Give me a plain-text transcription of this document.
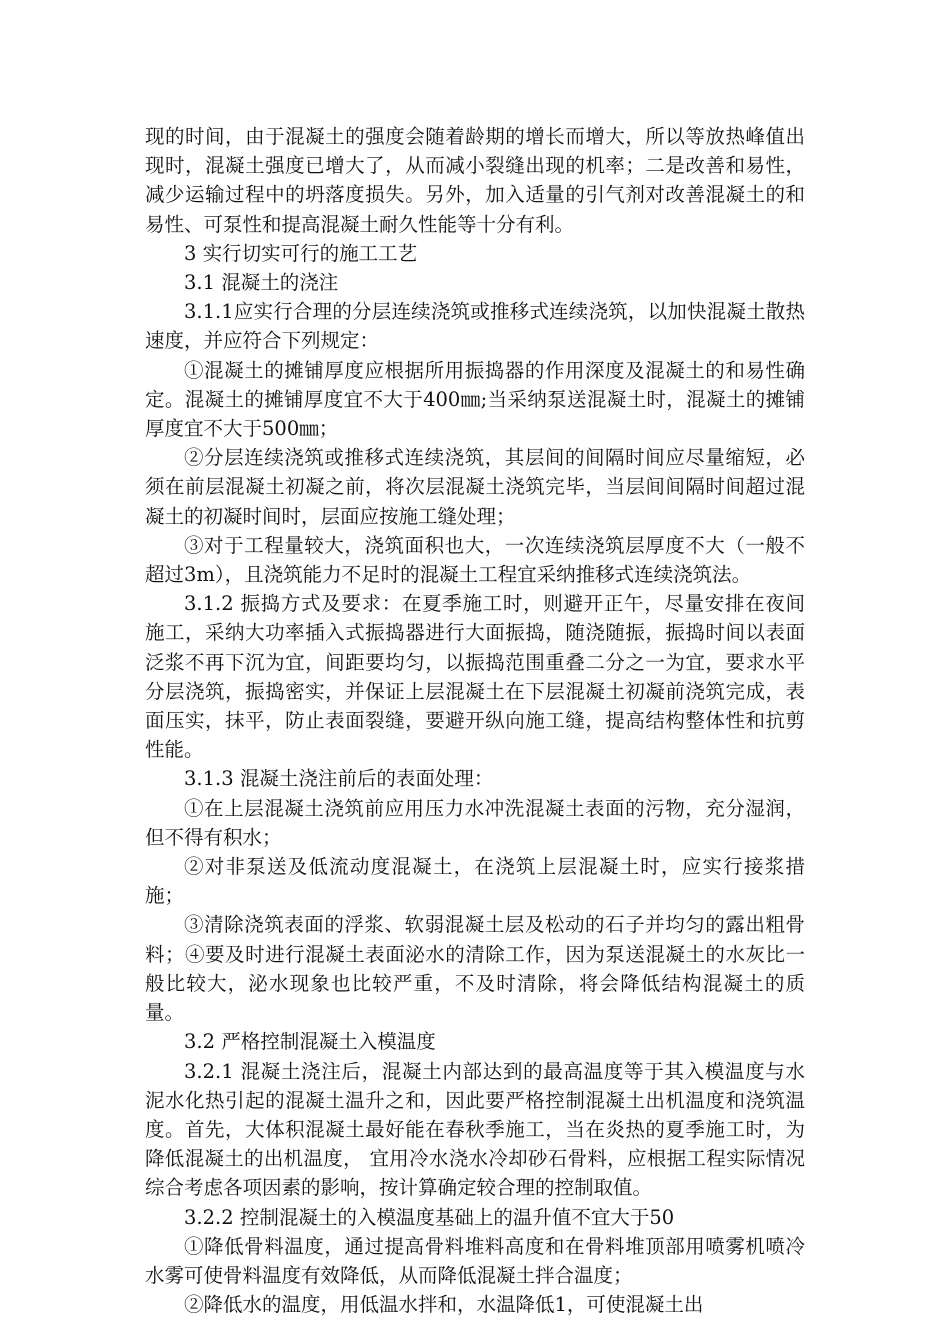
现的时间，由于混凝土的强度会随着龄期的增长而增大，所以等放热峰值出现时，混凝土强度已增大了，从而减小裂缝出现的机率；二是改善和易性，减少运输过程中的坍落度损失。另外，加入适量的引气剂对改善混凝土的和易性、可泵性和提高混凝土耐久性能等十分有利。

3 实行切实可行的施工工艺

3.1 混凝土的浇注

3.1.1应实行合理的分层连续浇筑或推移式连续浇筑，以加快混凝土散热速度，并应符合下列规定：

①混凝土的摊铺厚度应根据所用振捣器的作用深度及混凝土的和易性确定。混凝土的摊铺厚度宜不大于400㎜;当采纳泵送混凝土时，混凝土的摊铺厚度宜不大于500㎜；

②分层连续浇筑或推移式连续浇筑，其层间的间隔时间应尽量缩短，必须在前层混凝土初凝之前，将次层混凝土浇筑完毕，当层间间隔时间超过混凝土的初凝时间时，层面应按施工缝处理；

③对于工程量较大，浇筑面积也大，一次连续浇筑层厚度不大（一般不超过3m），且浇筑能力不足时的混凝土工程宜采纳推移式连续浇筑法。

3.1.2 振捣方式及要求：在夏季施工时，则避开正午，尽量安排在夜间施工，采纳大功率插入式振捣器进行大面振捣，随浇随振，振捣时间以表面泛浆不再下沉为宜，间距要均匀，以振捣范围重叠二分之一为宜，要求水平分层浇筑，振捣密实，并保证上层混凝土在下层混凝土初凝前浇筑完成，表面压实，抹平，防止表面裂缝，要避开纵向施工缝，提高结构整体性和抗剪性能。

3.1.3 混凝土浇注前后的表面处理：

①在上层混凝土浇筑前应用压力水冲洗混凝土表面的污物，充分湿润，但不得有积水；

②对非泵送及低流动度混凝土，在浇筑上层混凝土时，应实行接浆措施；

③清除浇筑表面的浮浆、软弱混凝土层及松动的石子并均匀的露出粗骨料；④要及时进行混凝土表面泌水的清除工作，因为泵送混凝土的水灰比一般比较大，泌水现象也比较严重，不及时清除，将会降低结构混凝土的质量。

3.2 严格控制混凝土入模温度

3.2.1 混凝土浇注后，混凝土内部达到的最高温度等于其入模温度与水泥水化热引起的混凝土温升之和，因此要严格控制混凝土出机温度和浇筑温度。首先，大体积混凝土最好能在春秋季施工，当在炎热的夏季施工时，为降低混凝土的出机温度， 宜用冷水浇水冷却砂石骨料，应根据工程实际情况综合考虑各项因素的影响，按计算确定较合理的控制取值。

3.2.2 控制混凝土的入模温度基础上的温升值不宜大于50

①降低骨料温度，通过提高骨料堆料高度和在骨料堆顶部用喷雾机喷冷水雾可使骨料温度有效降低，从而降低混凝土拌合温度；

②降低水的温度，用低温水拌和，水温降低1，可使混凝土出
